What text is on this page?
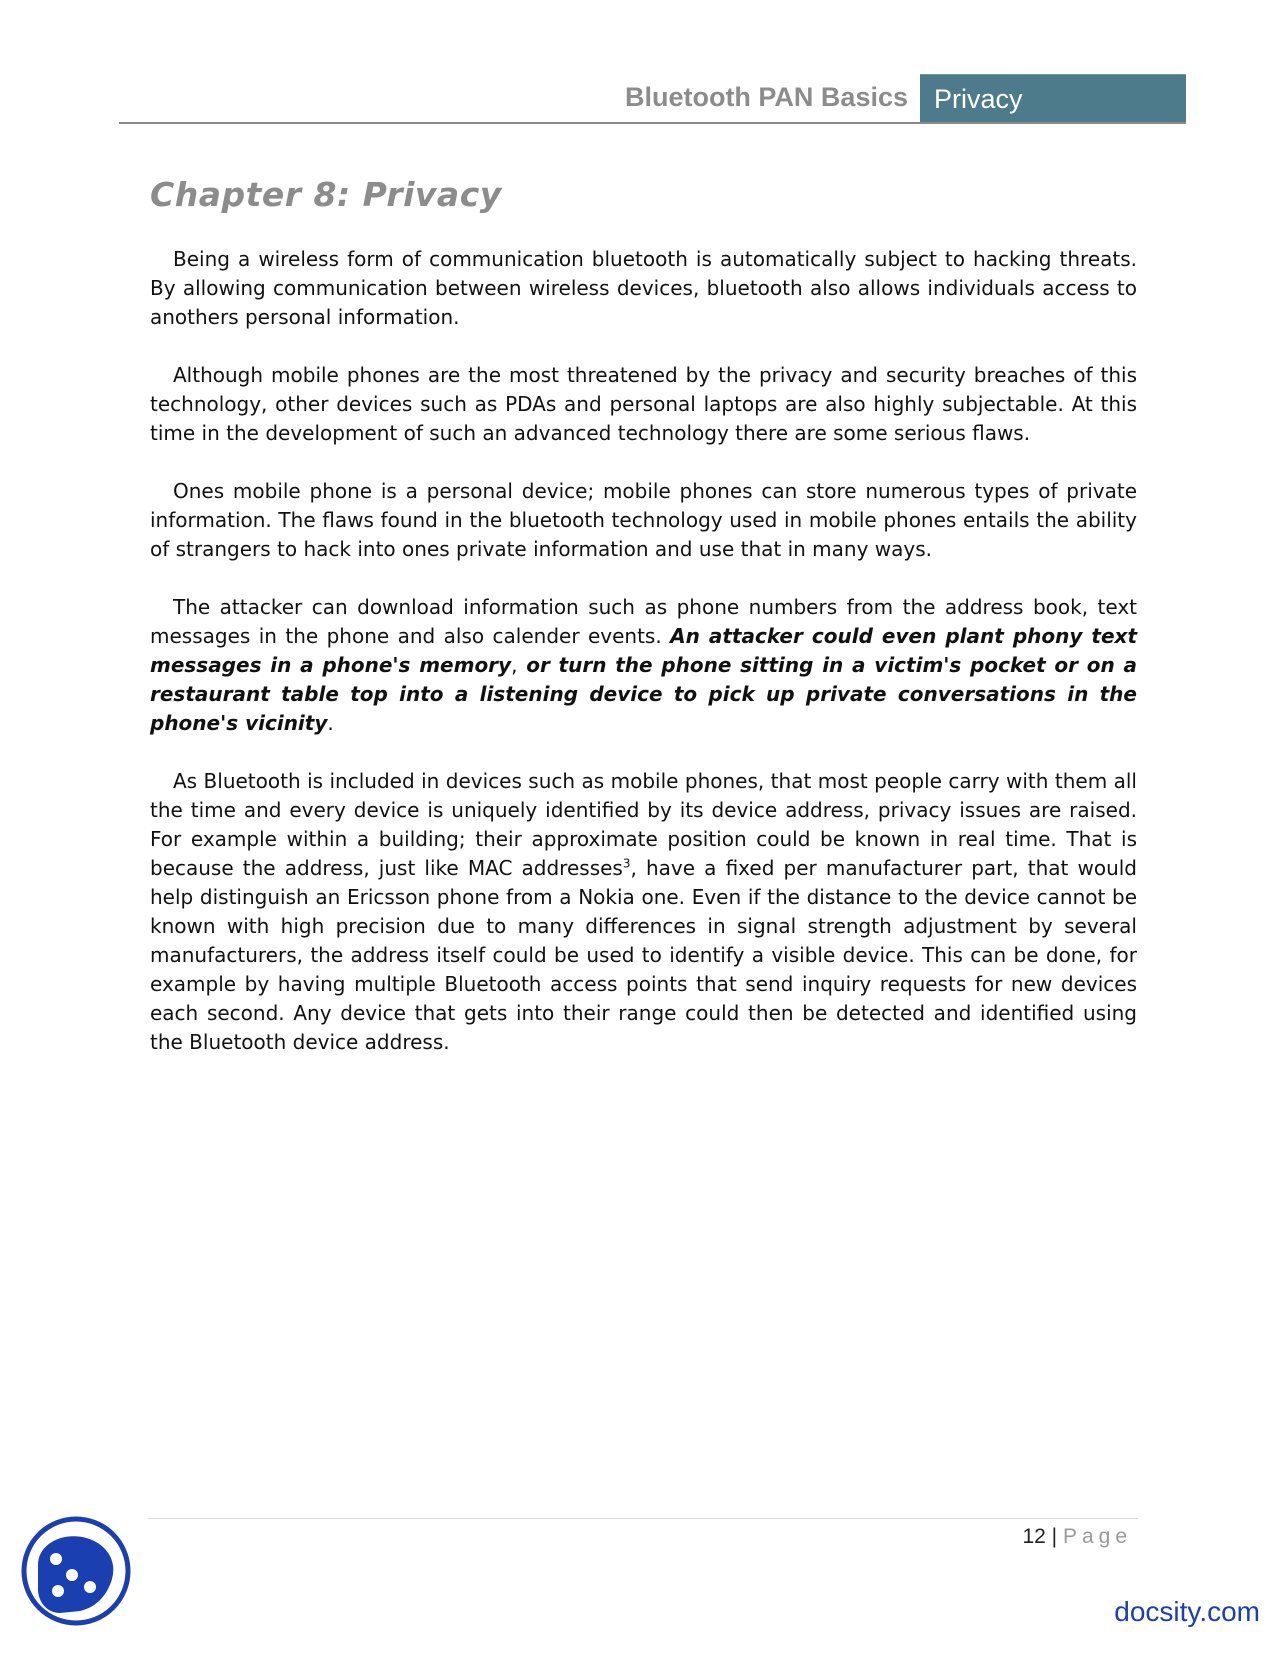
Bluetooth PAN Basics Privacy
Chapter 8: Privacy

Being a wireless form of communication bluetooth is automatically subject to hacking threats. By allowing communication between wireless devices, bluetooth also allows individuals access to anothers personal information.

Although mobile phones are the most threatened by the privacy and security breaches of this technology, other devices such as PDAs and personal laptops are also highly subjectable. At this time in the development of such an advanced technology there are some serious flaws.

Ones mobile phone is a personal device; mobile phones can store numerous types of private information. The flaws found in the bluetooth technology used in mobile phones entails the ability of strangers to hack into ones private information and use that in many ways.

The attacker can download information such as phone numbers from the address book, text messages in the phone and also calender events. An attacker could even plant phony text messages in a phone's memory, or turn the phone sitting in a victim's pocket or on a restaurant table top into a listening device to pick up private conversations in the phone's vicinity.

As Bluetooth is included in devices such as mobile phones, that most people carry with them all the time and every device is uniquely identified by its device address, privacy issues are raised. For example within a building; their approximate position could be known in real time. That is because the address, just like MAC addresses$^3$, have a fixed per manufacturer part, that would help distinguish an Ericsson phone from a Nokia one. Even if the distance to the device cannot be known with high precision due to many differences in signal strength adjustment by several manufacturers, the address itself could be used to identify a visible device. This can be done, for example by having multiple Bluetooth access points that send inquiry requests for new devices each second. Any device that gets into their range could then be detected and identified using the Bluetooth device address.

12 | Page
docsity.com
